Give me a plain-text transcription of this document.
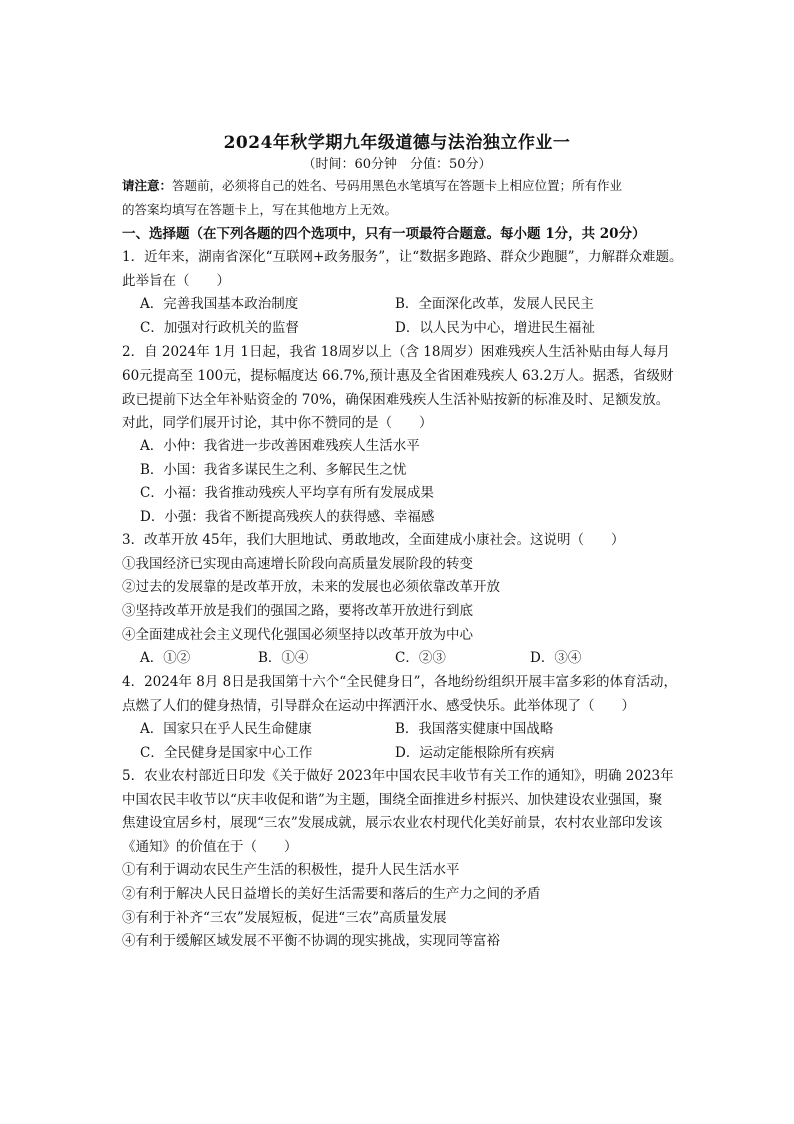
2024年秋学期九年级道德与法治独立作业一
（时间：60分钟　分值：50分）
请注意：答题前，必须将自己的姓名、号码用黑色水笔填写在答题卡上相应位置；所有作业
的答案均填写在答题卡上，写在其他地方上无效。
一、选择题（在下列各题的四个选项中，只有一项最符合题意。每小题 1分，共 20分）
1．近年来，湖南省深化“互联网+政务服务”，让“数据多跑路、群众少跑腿”，力解群众难题。
此举旨在（　　）
A．完善我国基本政治制度	B．全面深化改革，发展人民民主
C．加强对行政机关的监督	D．以人民为中心，增进民生福祉
2．自 2024年 1月 1日起，我省 18周岁以上（含 18周岁）困难残疾人生活补贴由每人每月
60元提高至 100元，提标幅度达 66.7%,预计惠及全省困难残疾人 63.2万人。据悉，省级财
政已提前下达全年补贴资金的 70%，确保困难残疾人生活补贴按新的标准及时、足额发放。
对此，同学们展开讨论，其中你不赞同的是（　　）
A．小仲：我省进一步改善困难残疾人生活水平
B．小国：我省多谋民生之利、多解民生之忧
C．小福：我省推动残疾人平均享有所有发展成果
D．小强：我省不断提高残疾人的获得感、幸福感
3．改革开放 45年，我们大胆地试、勇敢地改，全面建成小康社会。这说明（　　）
①我国经济已实现由高速增长阶段向高质量发展阶段的转变
②过去的发展靠的是改革开放，未来的发展也必须依靠改革开放
③坚持改革开放是我们的强国之路，要将改革开放进行到底
④全面建成社会主义现代化强国必须坚持以改革开放为中心
A．①②	B．①④	C．②③	D．③④
4．2024年 8月 8日是我国第十六个“全民健身日”，各地纷纷组织开展丰富多彩的体育活动，
点燃了人们的健身热情，引导群众在运动中挥洒汗水、感受快乐。此举体现了（　　）
A．国家只在乎人民生命健康	B．我国落实健康中国战略
C．全民健身是国家中心工作	D．运动定能根除所有疾病
5．农业农村部近日印发《关于做好 2023年中国农民丰收节有关工作的通知》，明确 2023年
中国农民丰收节以“庆丰收促和谐”为主题，围绕全面推进乡村振兴、加快建设农业强国，聚
焦建设宜居乡村，展现“三农”发展成就，展示农业农村现代化美好前景，农村农业部印发该
《通知》的价值在于（　　）
①有利于调动农民生产生活的积极性，提升人民生活水平
②有利于解决人民日益增长的美好生活需要和落后的生产力之间的矛盾
③有利于补齐“三农”发展短板，促进“三农”高质量发展
④有利于缓解区域发展不平衡不协调的现实挑战，实现同等富裕
